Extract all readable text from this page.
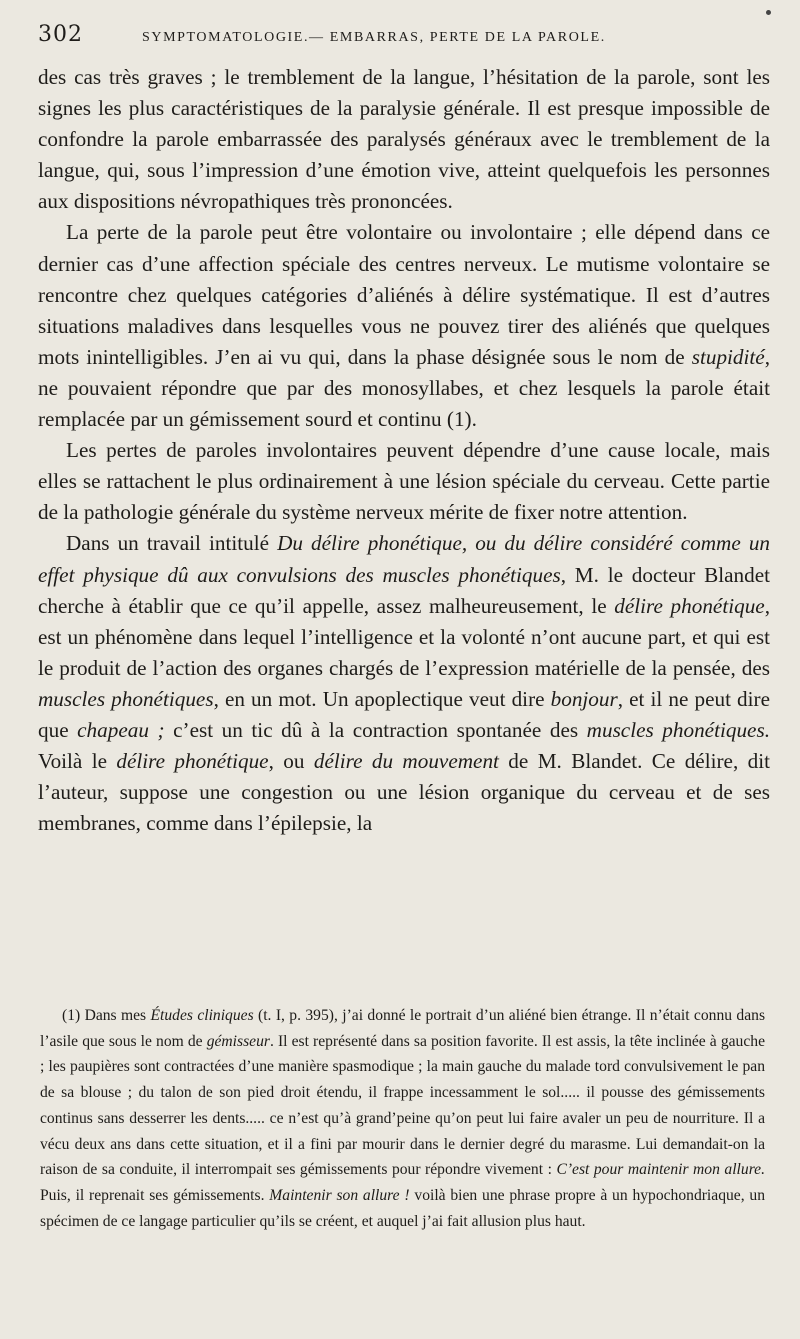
302	SYMPTOMATOLOGIE.— EMBARRAS, PERTE DE LA PAROLE.

des cas très graves ; le tremblement de la langue, l’hésitation de la parole, sont les signes les plus caractéristiques de la paralysie générale. Il est presque impossible de confondre la parole embarrassée des paralysés généraux avec le tremblement de la langue, qui, sous l’impression d’une émotion vive, atteint quelquefois les personnes aux dispositions névropathiques très prononcées.

La perte de la parole peut être volontaire ou involontaire ; elle dépend dans ce dernier cas d’une affection spéciale des centres nerveux. Le mutisme volontaire se rencontre chez quelques catégories d’aliénés à délire systématique. Il est d’autres situations maladives dans lesquelles vous ne pouvez tirer des aliénés que quelques mots inintelligibles. J’en ai vu qui, dans la phase désignée sous le nom de stupidité, ne pouvaient répondre que par des monosyllabes, et chez lesquels la parole était remplacée par un gémissement sourd et continu (1).

Les pertes de paroles involontaires peuvent dépendre d’une cause locale, mais elles se rattachent le plus ordinairement à une lésion spéciale du cerveau. Cette partie de la pathologie générale du système nerveux mérite de fixer notre attention.

Dans un travail intitulé Du délire phonétique, ou du délire considéré comme un effet physique dû aux convulsions des muscles phonétiques, M. le docteur Blandet cherche à établir que ce qu’il appelle, assez malheureusement, le délire phonétique, est un phénomène dans lequel l’intelligence et la volonté n’ont aucune part, et qui est le produit de l’action des organes chargés de l’expression matérielle de la pensée, des muscles phonétiques, en un mot. Un apoplectique veut dire bonjour, et il ne peut dire que chapeau ; c’est un tic dû à la contraction spontanée des muscles phonétiques. Voilà le délire phonétique, ou délire du mouvement de M. Blandet. Ce délire, dit l’auteur, suppose une congestion ou une lésion organique du cerveau et de ses membranes, comme dans l’épilepsie, la

(1) Dans mes Études cliniques (t. I, p. 395), j’ai donné le portrait d’un aliéné bien étrange. Il n’était connu dans l’asile que sous le nom de gémisseur. Il est représenté dans sa position favorite. Il est assis, la tête inclinée à gauche ; les paupières sont contractées d’une manière spasmodique ; la main gauche du malade tord convulsivement le pan de sa blouse ; du talon de son pied droit étendu, il frappe incessamment le sol..... il pousse des gémissements continus sans desserrer les dents..... ce n’est qu’à grand’peine qu’on peut lui faire avaler un peu de nourriture. Il a vécu deux ans dans cette situation, et il a fini par mourir dans le dernier degré du marasme. Lui demandait-on la raison de sa conduite, il interrompait ses gémissements pour répondre vivement : C’est pour maintenir mon allure. Puis, il reprenait ses gémissements. Maintenir son allure ! voilà bien une phrase propre à un hypochondriaque, un spécimen de ce langage particulier qu’ils se créent, et auquel j’ai fait allusion plus haut.
